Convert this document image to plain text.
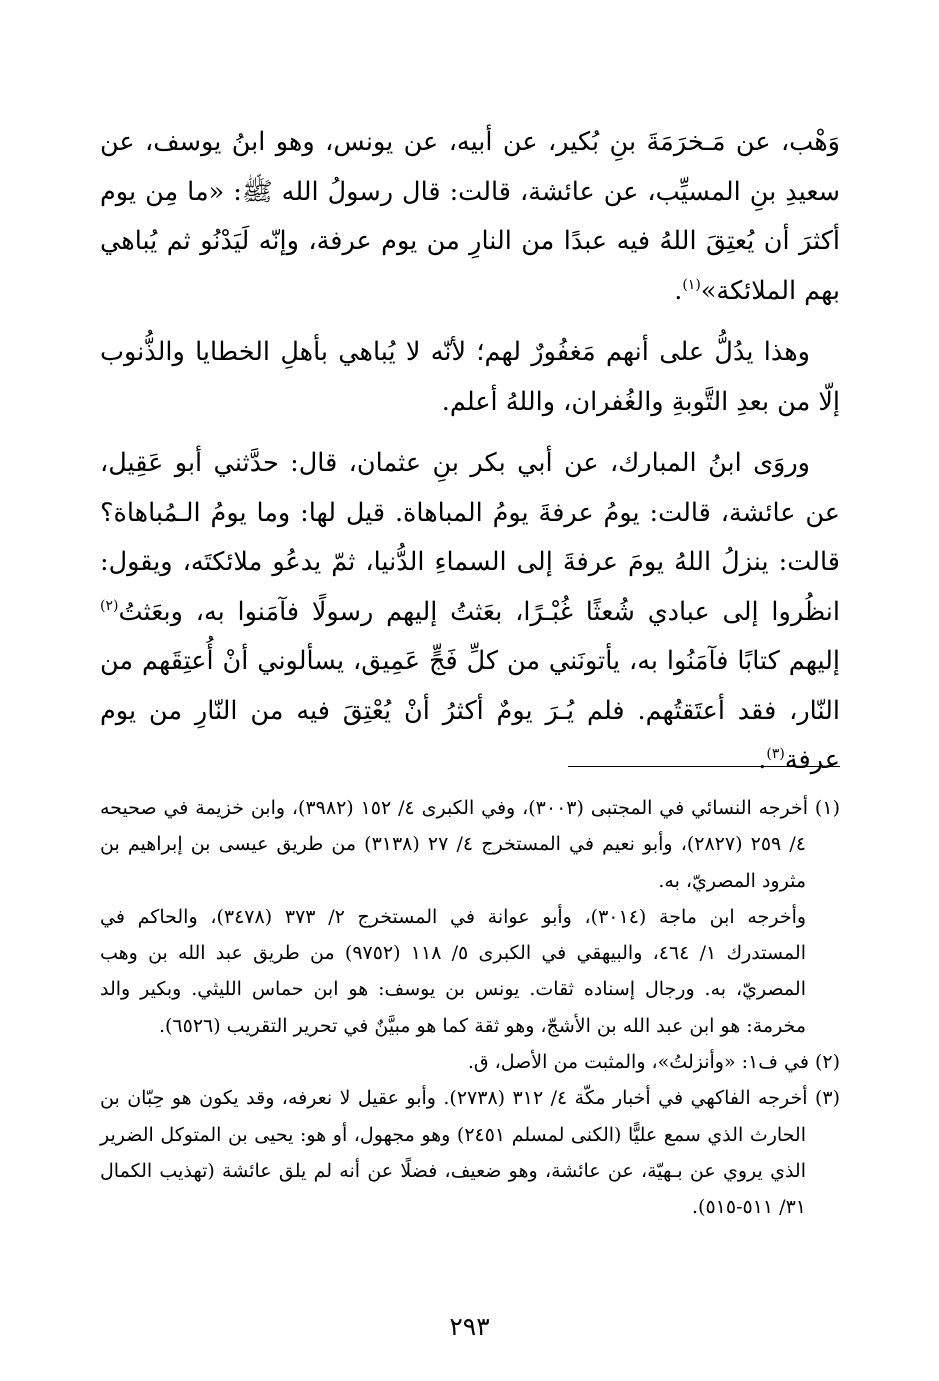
وَهْب، عن مَـخرَمَةَ بنِ بُكير، عن أبيه، عن يونس، وهو ابنُ يوسف، عن سعيدِ بنِ المسيِّب، عن عائشة، قالت: قال رسولُ الله ﷺ: «ما مِن يوم أكثرَ أن يُعتِقَ اللهُ فيه عبدًا من النارِ من يوم عرفة، وإنّه لَيَدْنُو ثم يُباهي بهم الملائكة»$^{(١)}$.

وهذا يدُلُّ على أنهم مَغفُورٌ لهم؛ لأنّه لا يُباهي بأهلِ الخطايا والذُّنوب إلّا من بعدِ التَّوبةِ والغُفران، واللهُ أعلم.

وروَى ابنُ المبارك، عن أبي بكر بنِ عثمان، قال: حدَّثني أبو عَقِيل، عن عائشة، قالت: يومُ عرفةَ يومُ المباهاة. قيل لها: وما يومُ الـمُباهاة؟ قالت: ينزلُ اللهُ يومَ عرفةَ إلى السماءِ الدُّنيا، ثمّ يدعُو ملائكتَه، ويقول: انظُروا إلى عبادي شُعثًا غُبْـرًا، بعَثتُ إليهم رسولًا فآمَنوا به، وبعَثتُ$^{(٢)}$ إليهم كتابًا فآمَنُوا به، يأتونَني من كلِّ فَجٍّ عَمِيق، يسألوني أنْ أُعتِقَهم من النّار، فقد أعتَقتُهم. فلم يُـرَ يومٌ أكثرُ أنْ يُعْتِقَ فيه من النّارِ من يوم عرفة$^{(٣)}$.

(١) أخرجه النسائي في المجتبى (٣٠٠٣)، وفي الكبرى ٤/ ١٥٢ (٣٩٨٢)، وابن خزيمة في صحيحه ٤/ ٢٥٩ (٢٨٢٧)، وأبو نعيم في المستخرج ٤/ ٢٧ (٣١٣٨) من طريق عيسى بن إبراهيم بن مثرود المصريّ، به.

وأخرجه ابن ماجة (٣٠١٤)، وأبو عوانة في المستخرج ٢/ ٣٧٣ (٣٤٧٨)، والحاكم في المستدرك ١/ ٤٦٤، والبيهقي في الكبرى ٥/ ١١٨ (٩٧٥٢) من طريق عبد الله بن وهب المصريّ، به. ورجال إسناده ثقات. يونس بن يوسف: هو ابن حماس الليثي. وبكير والد مخرمة: هو ابن عبد الله بن الأشجّ، وهو ثقة كما هو مبيَّنٌ في تحرير التقريب (٦٥٢٦).

(٢) في ف١: «وأنزلتُ»، والمثبت من الأصل، ق.

(٣) أخرجه الفاكهي في أخبار مكّة ٤/ ٣١٢ (٢٧٣٨). وأبو عقيل لا نعرفه، وقد يكون هو حِبّان بن الحارث الذي سمع عليًّا (الكنى لمسلم ٢٤٥١) وهو مجهول، أو هو: يحيى بن المتوكل الضرير الذي يروي عن بـهيّة، عن عائشة، وهو ضعيف، فضلًا عن أنه لم يلق عائشة (تهذيب الكمال ٣١/ ٥١١-٥١٥).

٢٩٣
